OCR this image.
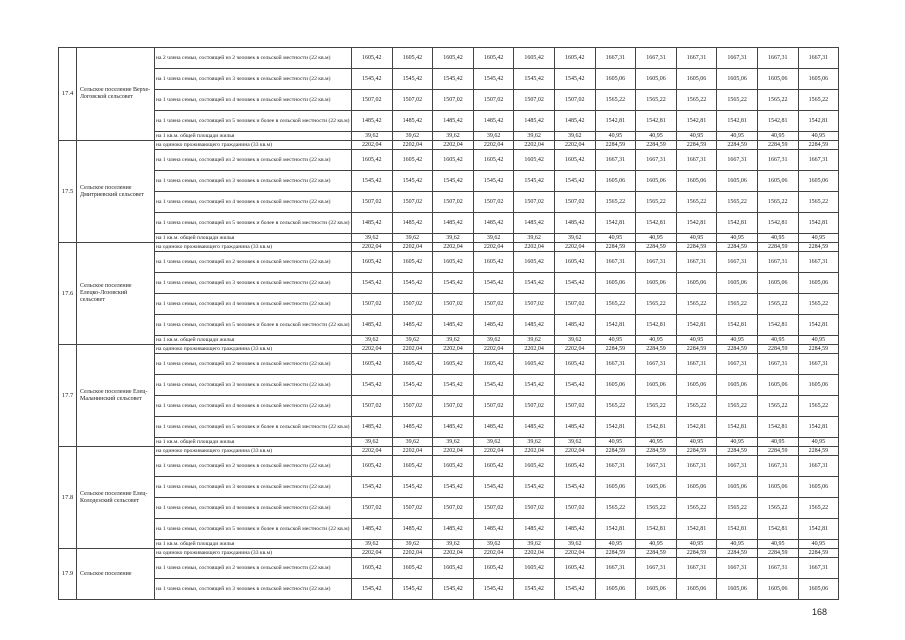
17.4	Сельское поселение Верхе-Логовской сельсовет	на 2 члена семьи, состоящей из 2 человек в сельской местности (22 кв.м)	1605,42	1605,42	1605,42	1605,42	1605,42	1605,42	1667,31	1667,31	1667,31	1667,31	1667,31	1667,31
		на 1 члена семьи, состоящей из 3 человек в сельской местности (22 кв.м)	1545,42	1545,42	1545,42	1545,42	1545,42	1545,42	1605,06	1605,06	1605,06	1605,06	1605,06	1605,06
		на 1 члена семьи, состоящей из 4 человек в сельской местности (22 кв.м)	1507,02	1507,02	1507,02	1507,02	1507,02	1507,02	1565,22	1565,22	1565,22	1565,22	1565,22	1565,22
		на 1 члена семьи, состоящей из 5 человек и более в сельской местности (22 кв.м)	1485,42	1485,42	1485,42	1485,42	1485,42	1485,42	1542,81	1542,81	1542,81	1542,81	1542,81	1542,81
		на 1 кв.м. общей площади жилья	39,62	39,62	39,62	39,62	39,62	39,62	40,95	40,95	40,95	40,95	40,95	40,95
17.5	Сельское поселение Дмитриевский сельсовет	на одиноко проживающего гражданина (33 кв.м)	2202,04	2202,04	2202,04	2202,04	2202,04	2202,04	2284,59	2284,59	2284,59	2284,59	2284,59	2284,59
		на 1 члена семьи, состоящей из 2 человек в сельской местности (22 кв.м)	1605,42	1605,42	1605,42	1605,42	1605,42	1605,42	1667,31	1667,31	1667,31	1667,31	1667,31	1667,31
		на 1 члена семьи, состоящей из 3 человек в сельской местности (22 кв.м)	1545,42	1545,42	1545,42	1545,42	1545,42	1545,42	1605,06	1605,06	1605,06	1605,06	1605,06	1605,06
		на 1 члена семьи, состоящей из 4 человек в сельской местности (22 кв.м)	1507,02	1507,02	1507,02	1507,02	1507,02	1507,02	1565,22	1565,22	1565,22	1565,22	1565,22	1565,22
		на 1 члена семьи, состоящей из 5 человек и более в сельской местности (22 кв.м)	1485,42	1485,42	1485,42	1485,42	1485,42	1485,42	1542,81	1542,81	1542,81	1542,81	1542,81	1542,81
		на 1 кв.м. общей площади жилья	39,62	39,62	39,62	39,62	39,62	39,62	40,95	40,95	40,95	40,95	40,95	40,95
17.6	Сельское поселение Елецко-Лозовский сельсовет	на одиноко проживающего гражданина (33 кв.м)	2202,04	2202,04	2202,04	2202,04	2202,04	2202,04	2284,59	2284,59	2284,59	2284,59	2284,59	2284,59
		на 1 члена семьи, состоящей из 2 человек в сельской местности (22 кв.м)	1605,42	1605,42	1605,42	1605,42	1605,42	1605,42	1667,31	1667,31	1667,31	1667,31	1667,31	1667,31
		на 1 члена семьи, состоящей из 3 человек в сельской местности (22 кв.м)	1545,42	1545,42	1545,42	1545,42	1545,42	1545,42	1605,06	1605,06	1605,06	1605,06	1605,06	1605,06
		на 1 члена семьи, состоящей из 4 человек в сельской местности (22 кв.м)	1507,02	1507,02	1507,02	1507,02	1507,02	1507,02	1565,22	1565,22	1565,22	1565,22	1565,22	1565,22
		на 1 члена семьи, состоящей из 5 человек и более в сельской местности (22 кв.м)	1485,42	1485,42	1485,42	1485,42	1485,42	1485,42	1542,81	1542,81	1542,81	1542,81	1542,81	1542,81
		на 1 кв.м. общей площади жилья	39,62	39,62	39,62	39,62	39,62	39,62	40,95	40,95	40,95	40,95	40,95	40,95
17.7	Сельское поселение Елец-Маланинский сельсовет	на одиноко проживающего гражданина (33 кв.м)	2202,04	2202,04	2202,04	2202,04	2202,04	2202,04	2284,59	2284,59	2284,59	2284,59	2284,59	2284,59
		на 1 члена семьи, состоящей из 2 человек в сельской местности (22 кв.м)	1605,42	1605,42	1605,42	1605,42	1605,42	1605,42	1667,31	1667,31	1667,31	1667,31	1667,31	1667,31
		на 1 члена семьи, состоящей из 3 человек в сельской местности (22 кв.м)	1545,42	1545,42	1545,42	1545,42	1545,42	1545,42	1605,06	1605,06	1605,06	1605,06	1605,06	1605,06
		на 1 члена семьи, состоящей из 4 человек в сельской местности (22 кв.м)	1507,02	1507,02	1507,02	1507,02	1507,02	1507,02	1565,22	1565,22	1565,22	1565,22	1565,22	1565,22
		на 1 члена семьи, состоящей из 5 человек и более в сельской местности (22 кв.м)	1485,42	1485,42	1485,42	1485,42	1485,42	1485,42	1542,81	1542,81	1542,81	1542,81	1542,81	1542,81
		на 1 кв.м. общей площади жилья	39,62	39,62	39,62	39,62	39,62	39,62	40,95	40,95	40,95	40,95	40,95	40,95
17.8	Сельское поселение Елец-Колодезский сельсовет	на одиноко проживающего гражданина (33 кв.м)	2202,04	2202,04	2202,04	2202,04	2202,04	2202,04	2284,59	2284,59	2284,59	2284,59	2284,59	2284,59
		на 1 члена семьи, состоящей из 2 человек в сельской местности (22 кв.м)	1605,42	1605,42	1605,42	1605,42	1605,42	1605,42	1667,31	1667,31	1667,31	1667,31	1667,31	1667,31
		на 1 члена семьи, состоящей из 3 человек в сельской местности (22 кв.м)	1545,42	1545,42	1545,42	1545,42	1545,42	1545,42	1605,06	1605,06	1605,06	1605,06	1605,06	1605,06
		на 1 члена семьи, состоящей из 4 человек в сельской местности (22 кв.м)	1507,02	1507,02	1507,02	1507,02	1507,02	1507,02	1565,22	1565,22	1565,22	1565,22	1565,22	1565,22
		на 1 члена семьи, состоящей из 5 человек и более в сельской местности (22 кв.м)	1485,42	1485,42	1485,42	1485,42	1485,42	1485,42	1542,81	1542,81	1542,81	1542,81	1542,81	1542,81
		на 1 кв.м. общей площади жилья	39,62	39,62	39,62	39,62	39,62	39,62	40,95	40,95	40,95	40,95	40,95	40,95
17.9	Сельское поселение	на одиноко проживающего гражданина (33 кв.м)	2202,04	2202,04	2202,04	2202,04	2202,04	2202,04	2284,59	2284,59	2284,59	2284,59	2284,59	2284,59
		на 1 члена семьи, состоящей из 2 человек в сельской местности (22 кв.м)	1605,42	1605,42	1605,42	1605,42	1605,42	1605,42	1667,31	1667,31	1667,31	1667,31	1667,31	1667,31
		на 1 члена семьи, состоящей из 3 человек в сельской местности (22 кв.м)	1545,42	1545,42	1545,42	1545,42	1545,42	1545,42	1605,06	1605,06	1605,06	1605,06	1605,06	1605,06
168
